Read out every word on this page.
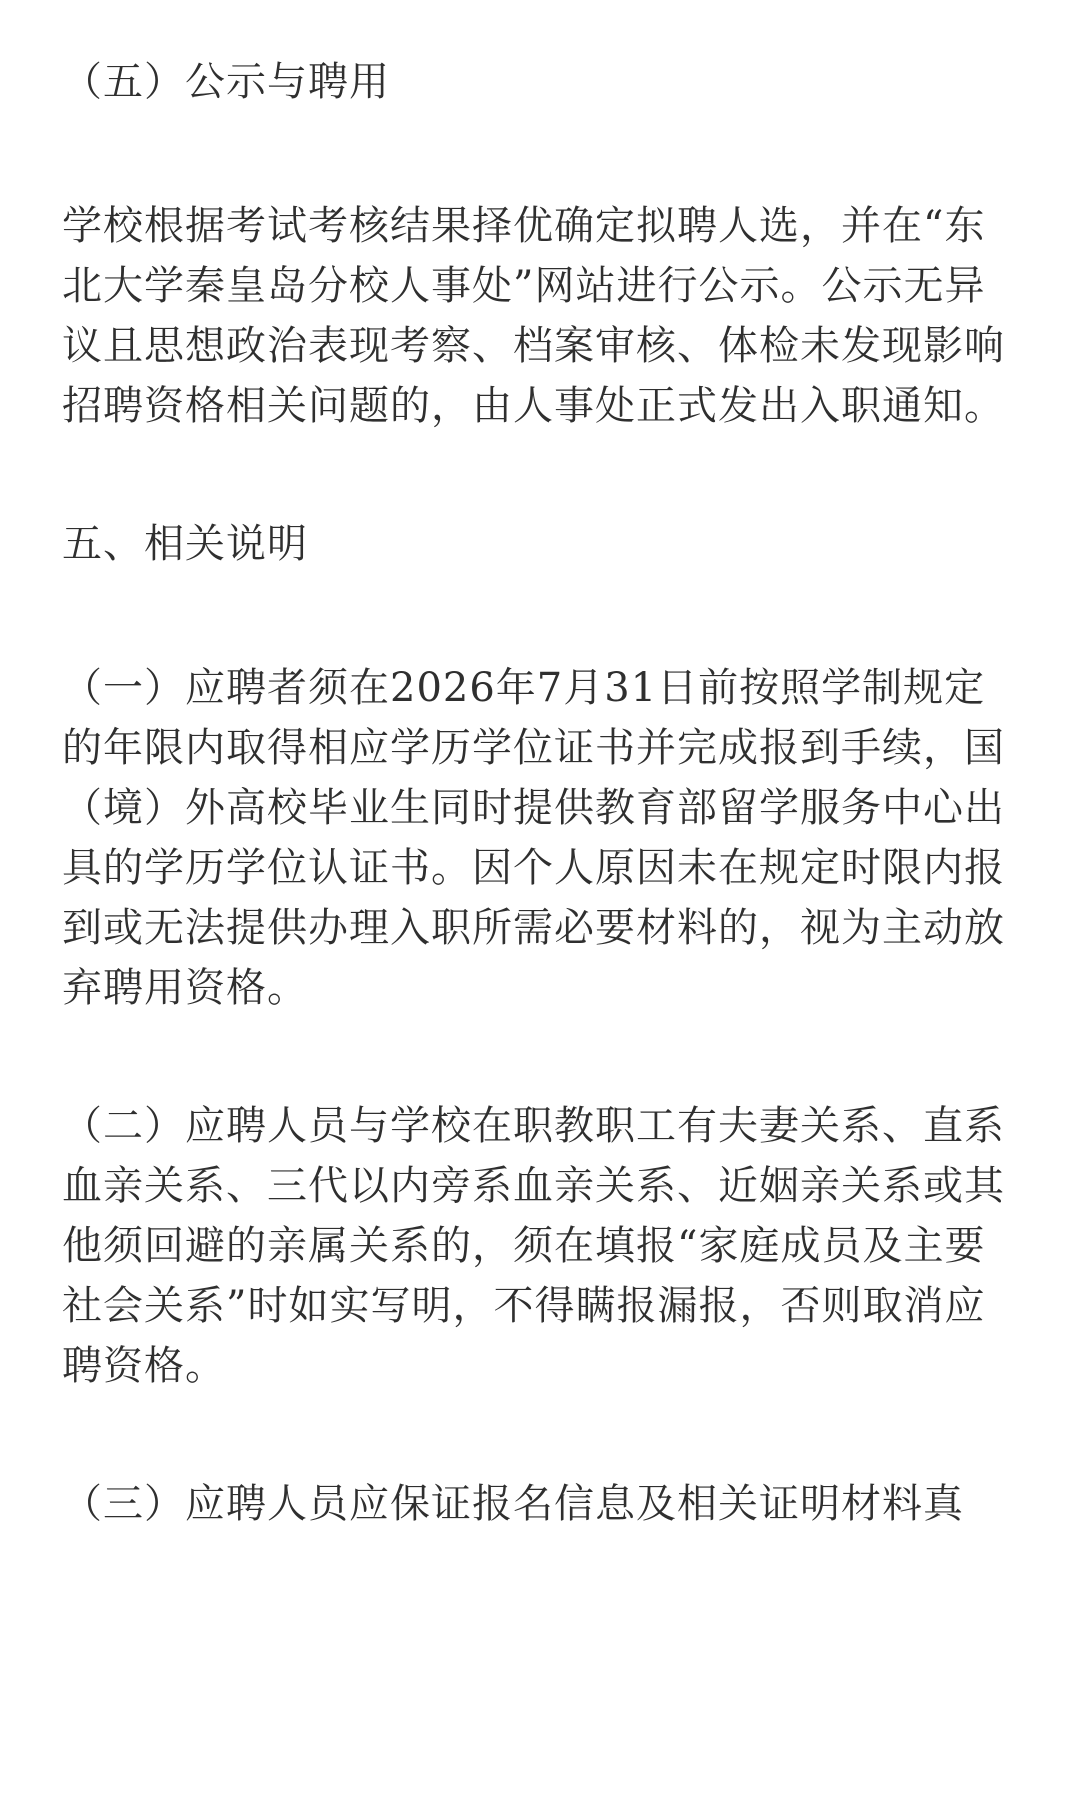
（五）公示与聘用

学校根据考试考核结果择优确定拟聘人选，并在“东北大学秦皇岛分校人事处”网站进行公示。公示无异议且思想政治表现考察、档案审核、体检未发现影响招聘资格相关问题的，由人事处正式发出入职通知。

五、相关说明

（一）应聘者须在2026年7月31日前按照学制规定的年限内取得相应学历学位证书并完成报到手续，国（境）外高校毕业生同时提供教育部留学服务中心出具的学历学位认证书。因个人原因未在规定时限内报到或无法提供办理入职所需必要材料的，视为主动放弃聘用资格。

（二）应聘人员与学校在职教职工有夫妻关系、直系血亲关系、三代以内旁系血亲关系、近姻亲关系或其他须回避的亲属关系的，须在填报“家庭成员及主要社会关系”时如实写明，不得瞒报漏报，否则取消应聘资格。

（三）应聘人员应保证报名信息及相关证明材料真
